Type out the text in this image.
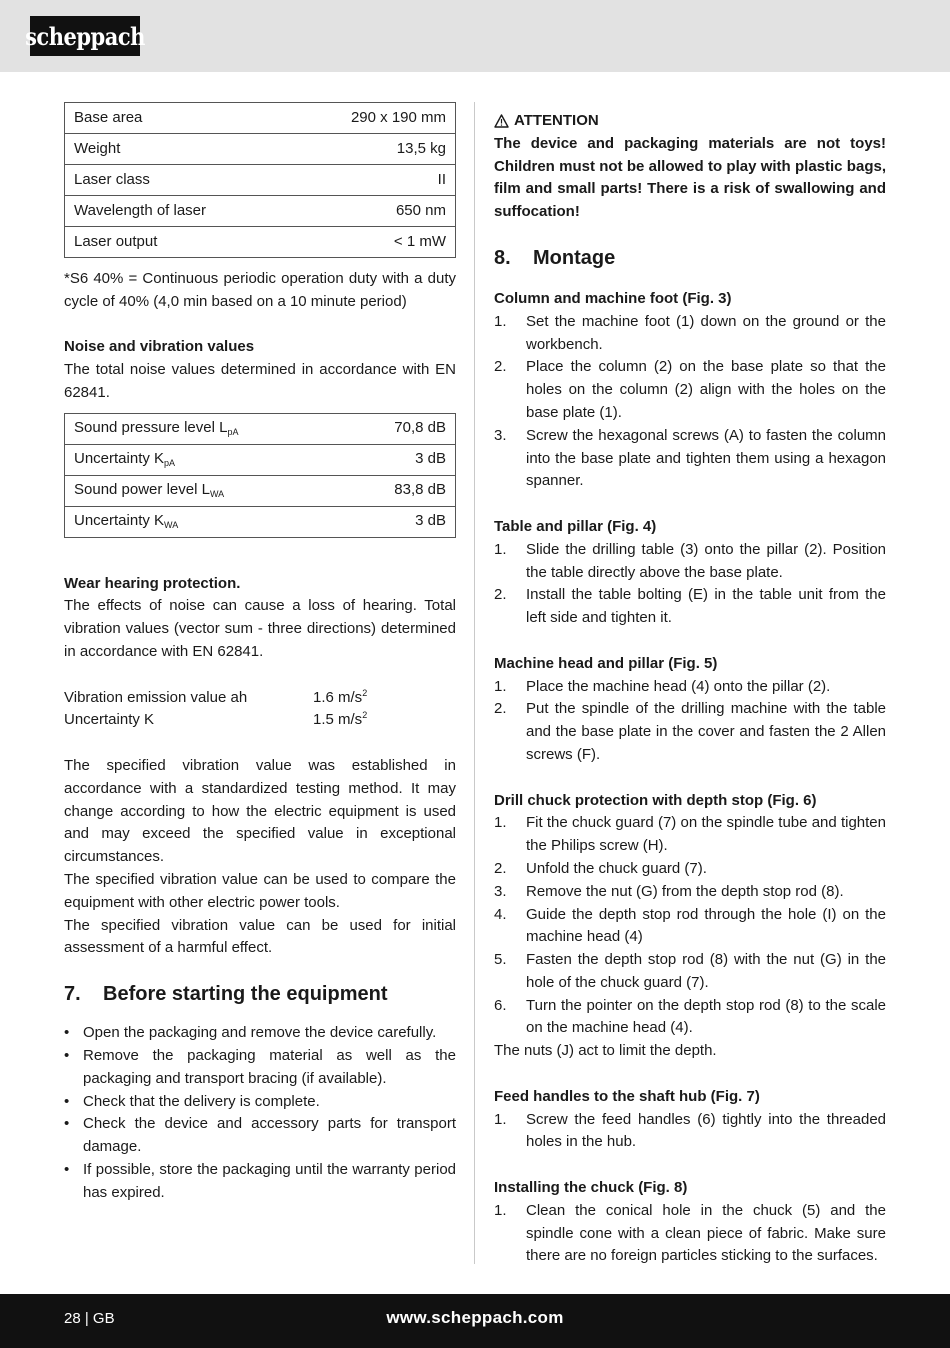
scheppach
Base area	290 x 190 mm
Weight	13,5 kg
Laser class	II
Wavelength of laser	650 nm
Laser output	< 1 mW

*S6 40% = Continuous periodic operation duty with a duty cycle of 40% (4,0 min based on a 10 minute period)

Noise and vibration values

The total noise values determined in accordance with EN 62841.

Sound pressure level $L_{pA}$	70,8 dB
Uncertainty $K_{pA}$	3 dB
Sound power level $L_{WA}$	83,8 dB
Uncertainty $K_{WA}$	3 dB
Wear hearing protection.

The effects of noise can cause a loss of hearing. Total vibration values (vector sum - three directions) determined in accordance with EN 62841.

Vibration emission value ah	1.6 $m/s^2$
Uncertainty K	1.5 $m/s^2$

The specified vibration value was established in accordance with a standardized testing method. It may change according to how the electric equipment is used and may exceed the specified value in exceptional circumstances.

The specified vibration value can be used to compare the equipment with other electric power tools.

The specified vibration value can be used for initial assessment of a harmful effect.

7.	Before starting the equipment
• Open the packaging and remove the device carefully.
• Remove the packaging material as well as the packaging and transport bracing (if available).
• Check that the delivery is complete.
• Check the device and accessory parts for transport damage.
• If possible, store the packaging until the warranty period has expired.
ATTENTION

The device and packaging materials are not toys! Children must not be allowed to play with plastic bags, film and small parts! There is a risk of swallowing and suffocation!

8.	Montage
Column and machine foot (Fig. 3)
1.	Set the machine foot (1) down on the ground or the workbench.
2.	Place the column (2) on the base plate so that the holes on the column (2) align with the holes on the base plate (1).
3.	Screw the hexagonal screws (A) to fasten the column into the base plate and tighten them using a hexagon spanner.
Table and pillar (Fig. 4)
1.	Slide the drilling table (3) onto the pillar (2). Position the table directly above the base plate.
2.	Install the table bolting (E) in the table unit from the left side and tighten it.
Machine head and pillar (Fig. 5)
1.	Place the machine head (4) onto the pillar (2).
2.	Put the spindle of the drilling machine with the table and the base plate in the cover and fasten the 2 Allen screws (F).
Drill chuck protection with depth stop (Fig. 6)
1.	Fit the chuck guard (7) on the spindle tube and tighten the Philips screw (H).
2.	Unfold the chuck guard (7).
3.	Remove the nut (G) from the depth stop rod (8).
4.	Guide the depth stop rod through the hole (I) on the machine head (4)
5.	Fasten the depth stop rod (8) with the nut (G) in the hole of the chuck guard (7).
6.	Turn the pointer on the depth stop rod (8) to the scale on the machine head (4).
The nuts (J) act to limit the depth.
Feed handles to the shaft hub (Fig. 7)
1.	Screw the feed handles (6) tightly into the threaded holes in the hub.
Installing the chuck (Fig. 8)
1.	Clean the conical hole in the chuck (5) and the spindle cone with a clean piece of fabric. Make sure there are no foreign particles sticking to the surfaces.
28 | GB	www.scheppach.com
